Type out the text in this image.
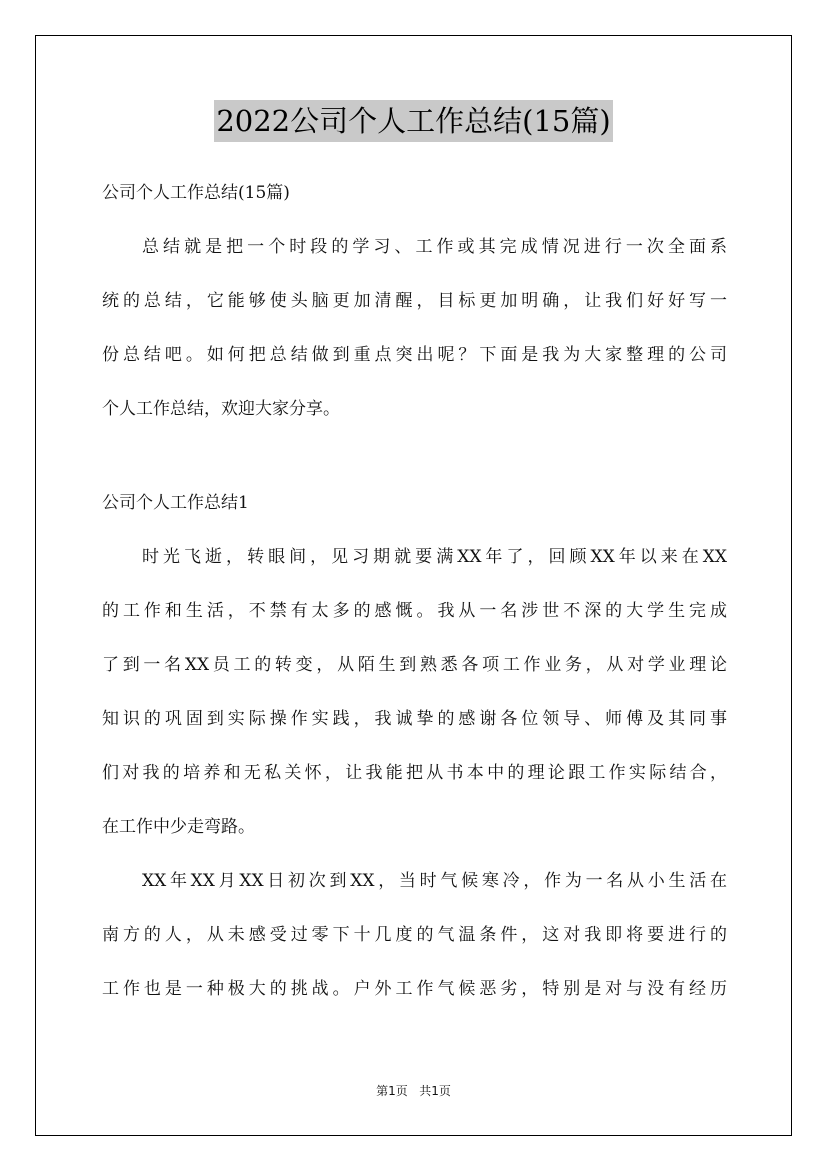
2022公司个人工作总结(15篇)
公司个人工作总结(15篇)
总结就是把一个时段的学习、工作或其完成情况进行一次全面系
统的总结，它能够使头脑更加清醒，目标更加明确，让我们好好写一
份总结吧。如何把总结做到重点突出呢？下面是我为大家整理的公司
个人工作总结，欢迎大家分享。
公司个人工作总结1
时光飞逝，转眼间，见习期就要满XX年了，回顾XX年以来在XX
的工作和生活，不禁有太多的感慨。我从一名涉世不深的大学生完成
了到一名XX员工的转变，从陌生到熟悉各项工作业务，从对学业理论
知识的巩固到实际操作实践，我诚挚的感谢各位领导、师傅及其同事
们对我的培养和无私关怀，让我能把从书本中的理论跟工作实际结合，
在工作中少走弯路。
XX年XX月XX日初次到XX，当时气候寒冷，作为一名从小生活在
南方的人，从未感受过零下十几度的气温条件，这对我即将要进行的
工作也是一种极大的挑战。户外工作气候恶劣，特别是对与没有经历
第1页 共1页
